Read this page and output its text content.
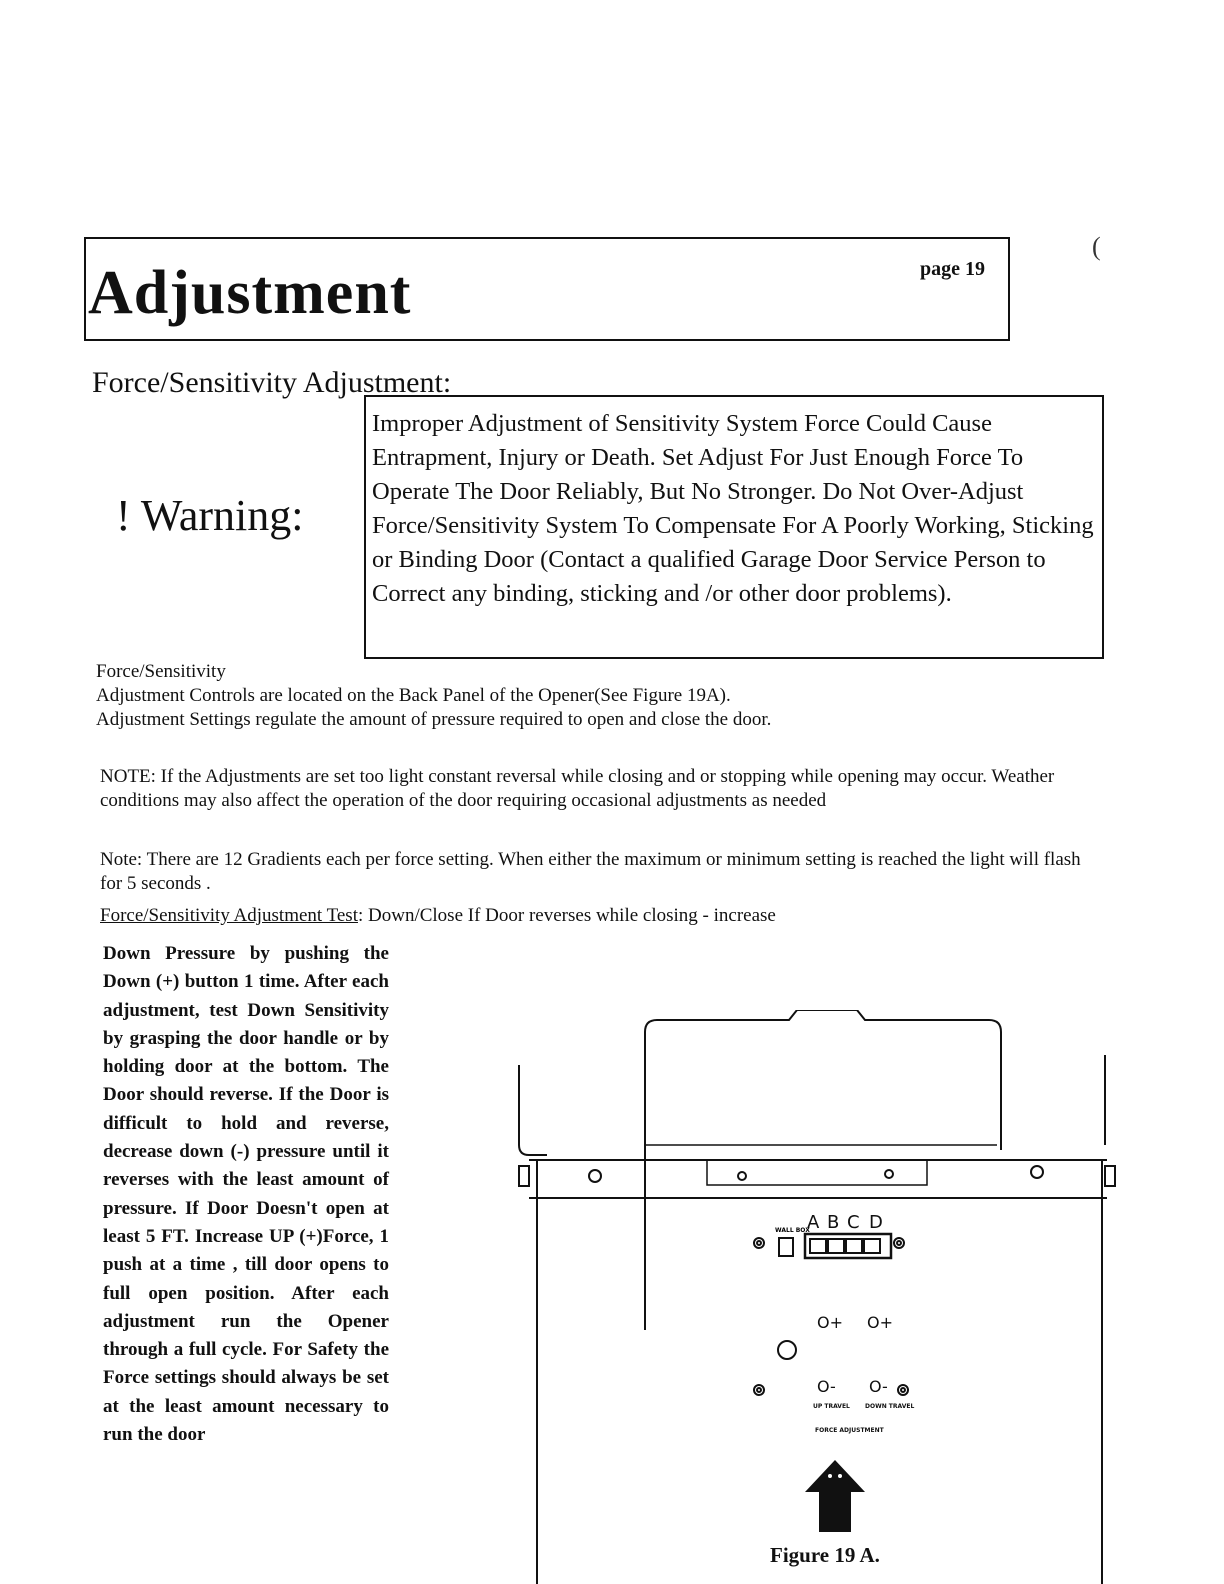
(
Adjustment	page 19
Force/Sensitivity Adjustment:
! Warning:
Improper Adjustment of Sensitivity System Force Could Cause Entrapment, Injury or Death. Set Adjust For Just Enough Force To Operate The Door Reliably, But No Stronger. Do Not Over-Adjust Force/Sensitivity System To Compensate For A Poorly Working, Sticking or Binding Door (Contact a qualified Garage Door Service Person to Correct any binding, sticking and /or other door problems).
Force/Sensitivity
Adjustment Controls are located on the Back Panel of the Opener(See Figure 19A).
Adjustment Settings regulate the amount of pressure required to open and close the door.
NOTE: If the Adjustments are set too light constant reversal while closing and or stopping while opening may occur. Weather conditions may also affect the operation of the door requiring occasional adjustments as needed
Note: There are 12 Gradients each per force setting. When either the maximum or minimum setting is reached the light will flash for 5 seconds .
Force/Sensitivity Adjustment Test: Down/Close If Door reverses while closing - increase
Down Pressure by pushing the Down (+) button 1 time. After each adjustment, test Down Sensitivity by grasping the door handle or by holding door at the bottom. The Door should reverse. If the Door is difficult to hold and reverse, decrease down (-) pressure until it reverses with the least amount of pressure. If Door Doesn't open at least 5 FT. Increase UP (+)Force, 1 push at a time , till door opens to full open position. After each adjustment run the Opener through a full cycle. For Safety the Force settings should always be set at the least amount necessary to run the door
A B C D
WALL BOX
O+ O+
O- O-
UP TRAVEL	DOWN TRAVEL
FORCE ADJUSTMENT
Figure 19 A.
